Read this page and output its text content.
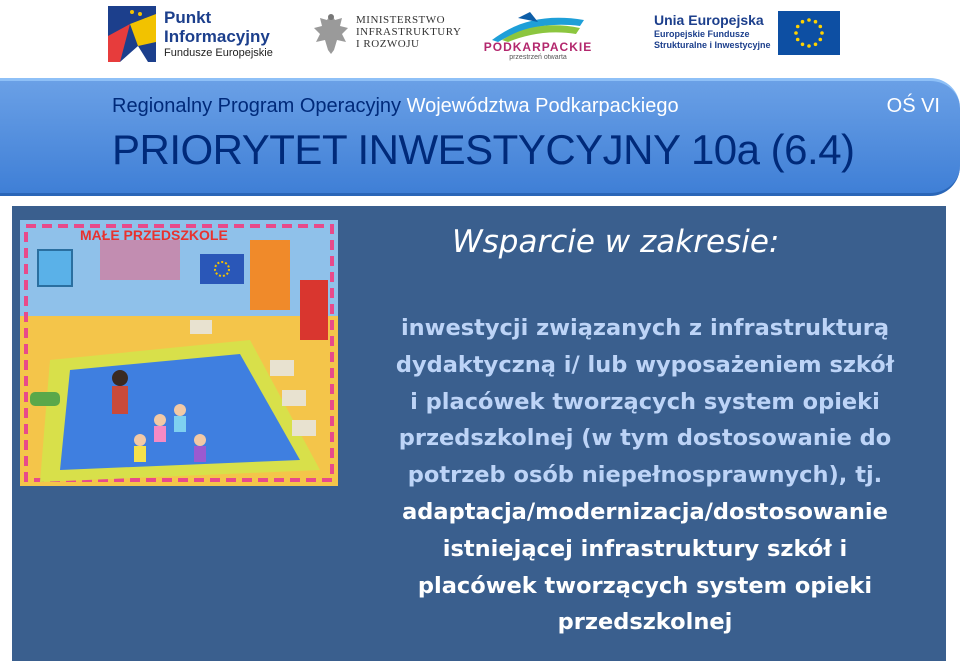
Punkt
Informacyjny
Fundusze Europejskie
MINISTERSTWO
INFRASTRUKTURY
I ROZWOJU	PODKARPACKIE
przestrzeń otwarta
Unia Europejska
Europejskie Fundusze
Strukturalne i Inwestycyjne
Regionalny Program Operacyjny Województwa Podkarpackiego	OŚ VI
PRIORYTET INWESTYCYJNY 10a (6.4)
MAŁE PRZEDSZKOLE	Wsparcie w zakresie:
inwestycji związanych z infrastrukturą
dydaktyczną i/ lub wyposażeniem szkół
i placówek tworzących system opieki
przedszkolnej (w tym dostosowanie do
potrzeb osób niepełnosprawnych), tj.
adaptacja/modernizacja/dostosowanie
istniejącej infrastruktury szkół i
placówek tworzących system opieki
przedszkolnej
